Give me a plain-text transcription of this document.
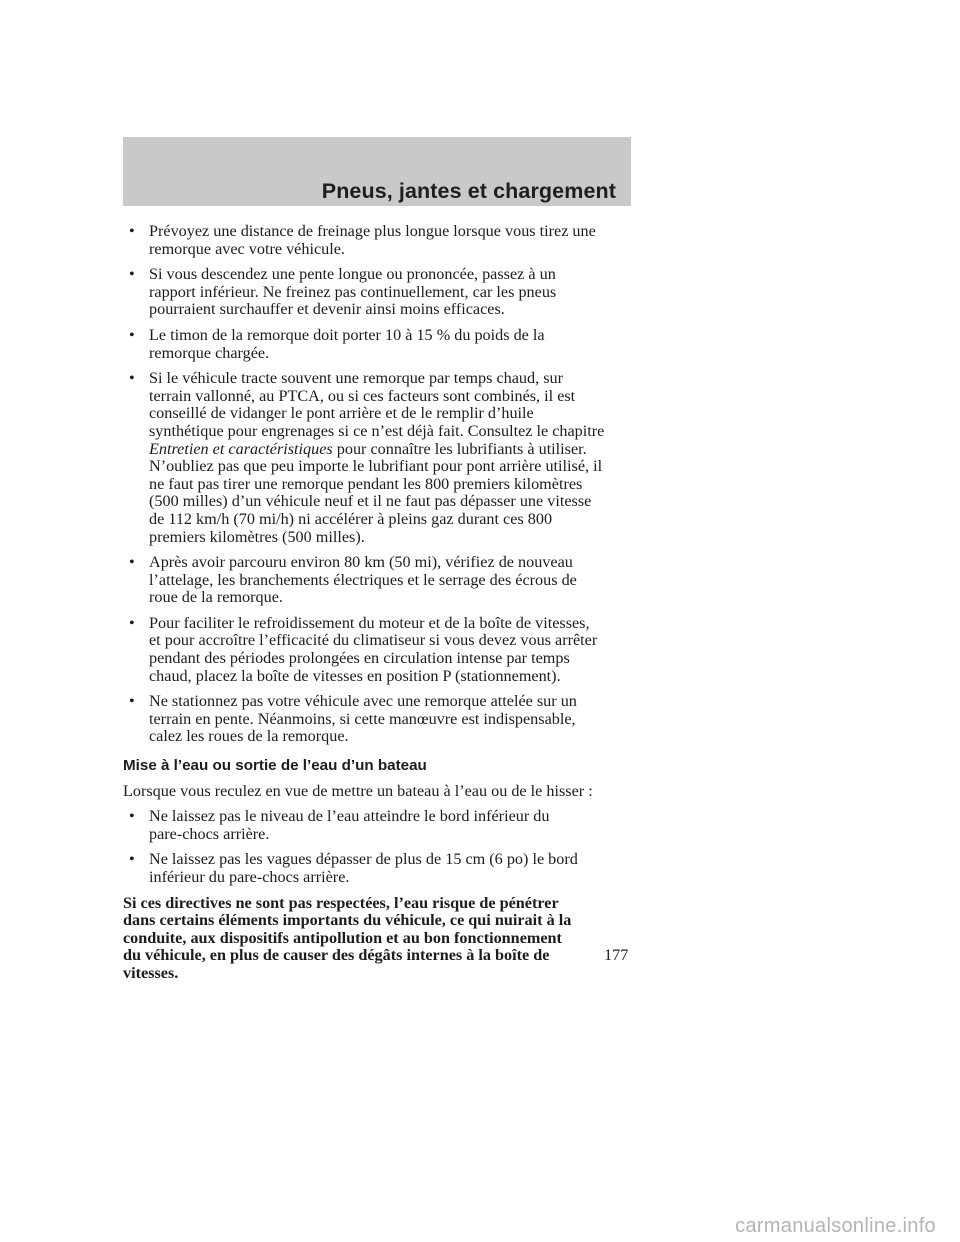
Pneus, jantes et chargement
• Prévoyez une distance de freinage plus longue lorsque vous tirez une
remorque avec votre véhicule.
• Si vous descendez une pente longue ou prononcée, passez à un
rapport inférieur. Ne freinez pas continuellement, car les pneus
pourraient surchauffer et devenir ainsi moins efficaces.
• Le timon de la remorque doit porter 10 à 15 % du poids de la
remorque chargée.
• Si le véhicule tracte souvent une remorque par temps chaud, sur
terrain vallonné, au PTCA, ou si ces facteurs sont combinés, il est
conseillé de vidanger le pont arrière et de le remplir d’huile
synthétique pour engrenages si ce n’est déjà fait. Consultez le chapitre
Entretien et caractéristiques pour connaître les lubrifiants à utiliser.
N’oubliez pas que peu importe le lubrifiant pour pont arrière utilisé, il
ne faut pas tirer une remorque pendant les 800 premiers kilomètres
(500 milles) d’un véhicule neuf et il ne faut pas dépasser une vitesse
de 112 km/h (70 mi/h) ni accélérer à pleins gaz durant ces 800
premiers kilomètres (500 milles).
• Après avoir parcouru environ 80 km (50 mi), vérifiez de nouveau
l’attelage, les branchements électriques et le serrage des écrous de
roue de la remorque.
• Pour faciliter le refroidissement du moteur et de la boîte de vitesses,
et pour accroître l’efficacité du climatiseur si vous devez vous arrêter
pendant des périodes prolongées en circulation intense par temps
chaud, placez la boîte de vitesses en position P (stationnement).
• Ne stationnez pas votre véhicule avec une remorque attelée sur un
terrain en pente. Néanmoins, si cette manœuvre est indispensable,
calez les roues de la remorque.
Mise à l’eau ou sortie de l’eau d’un bateau
Lorsque vous reculez en vue de mettre un bateau à l’eau ou de le hisser :
• Ne laissez pas le niveau de l’eau atteindre le bord inférieur du
pare-chocs arrière.
• Ne laissez pas les vagues dépasser de plus de 15 cm (6 po) le bord
inférieur du pare-chocs arrière.
Si ces directives ne sont pas respectées, l’eau risque de pénétrer
dans certains éléments importants du véhicule, ce qui nuirait à la
conduite, aux dispositifs antipollution et au bon fonctionnement
du véhicule, en plus de causer des dégâts internes à la boîte de
vitesses.
177
carmanualsonline.info
